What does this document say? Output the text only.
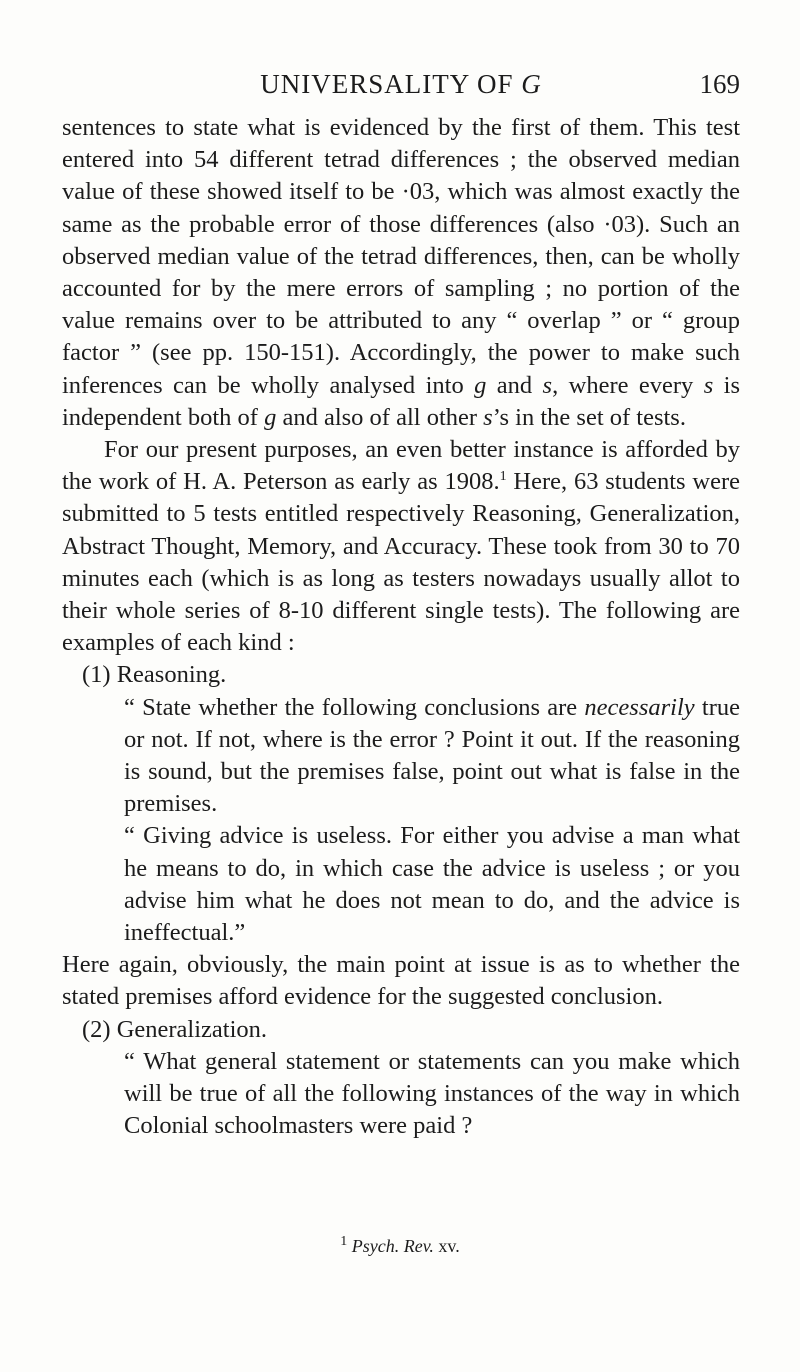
UNIVERSALITY OF G	169

sentences to state what is evidenced by the first of them. This test entered into 54 different tetrad differences ; the observed median value of these showed itself to be ·03, which was almost exactly the same as the probable error of those differences (also ·03). Such an observed median value of the tetrad differences, then, can be wholly accounted for by the mere errors of sampling ; no portion of the value remains over to be attributed to any “ overlap ” or “ group factor ” (see pp. 150-151). Accordingly, the power to make such inferences can be wholly analysed into g and s, where every s is independent both of g and also of all other s’s in the set of tests.

For our present purposes, an even better instance is afforded by the work of H. A. Peterson as early as 1908.$^1$ Here, 63 students were submitted to 5 tests entitled respectively Reasoning, Generalization, Abstract Thought, Memory, and Accuracy. These took from 30 to 70 minutes each (which is as long as testers nowadays usually allot to their whole series of 8-10 different single tests). The following are examples of each kind :

(1) Reasoning.

“ State whether the following conclusions are necessarily true or not. If not, where is the error ? Point it out. If the reasoning is sound, but the premises false, point out what is false in the premises.

“ Giving advice is useless. For either you advise a man what he means to do, in which case the advice is useless ; or you advise him what he does not mean to do, and the advice is ineffectual.”

Here again, obviously, the main point at issue is as to whether the stated premises afford evidence for the suggested conclusion.

(2) Generalization.

“ What general statement or statements can you make which will be true of all the following instances of the way in which Colonial schoolmasters were paid ?

$^1$ Psych. Rev. xv.
